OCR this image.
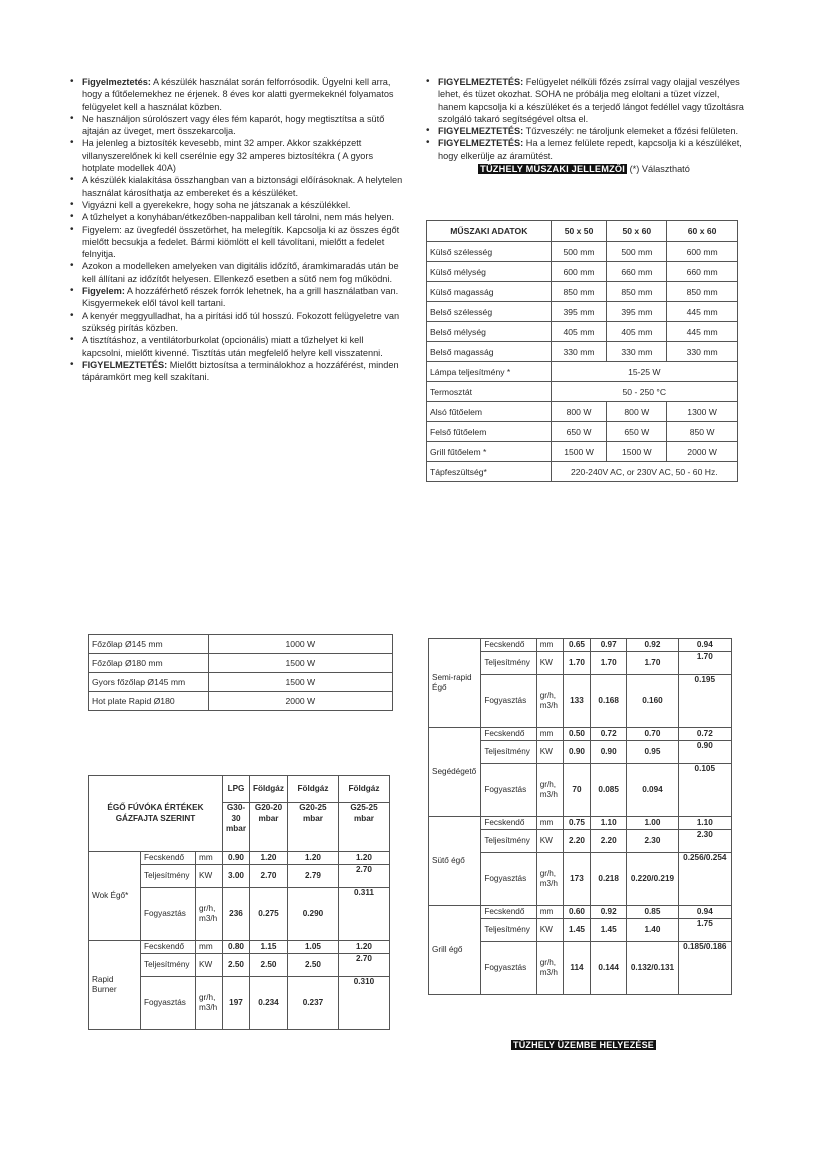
• Figyelmeztetés: A készülék használat során felforrósodik. Ügyelni kell arra, hogy a fűtőelemekhez ne érjenek. 8 éves kor alatti gyermekeknél folyamatos felügyelet kell a használat közben.
• Ne használjon súrolószert vagy éles fém kaparót, hogy megtisztítsa a sütő ajtaján az üveget, mert összekarcolja.
• Ha jelenleg a biztosíték kevesebb, mint 32 amper. Akkor szakképzett villanyszerelőnek ki kell cserélnie egy 32 amperes biztosítékra ( A gyors hotplate modellek 40A)
• A készülék kialakítása összhangban van a biztonsági előírásoknak. A helytelen használat károsíthatja az embereket és a készüléket.
• Vigyázni kell a gyerekekre, hogy soha ne játszanak a készülékkel.
• A tűzhelyet a konyhában/étkezőben-nappaliban kell tárolni, nem más helyen.
• Figyelem: az üvegfedél összetörhet, ha melegítik. Kapcsolja ki az összes égőt mielőtt becsukja a fedelet. Bármi kiömlött el kell távolítani, mielőtt a fedelet felnyitja.
• Azokon a modelleken amelyeken van digitális időzítő, áramkimaradás után be kell állítani az időzítőt helyesen. Ellenkező esetben a sütő nem fog működni.
• Figyelem: A hozzáférhető részek forrók lehetnek, ha a grill használatban van. Kisgyermekek elől távol kell tartani.
• A kenyér meggyulladhat, ha a pirítási idő túl hosszú. Fokozott felügyeletre van szükség pirítás közben.
• A tisztításhoz, a ventilátorburkolat (opcionális) miatt a tűzhelyet ki kell kapcsolni, mielőtt kivenné. Tisztítás után megfelelő helyre kell visszatenni.
• FIGYELMEZTETÉS: Mielőtt biztosítsa a terminálokhoz a hozzáférést, minden tápáramkört meg kell szakítani.
• FIGYELMEZTETÉS: Felügyelet nélküli főzés zsírral vagy olajjal veszélyes lehet, és tüzet okozhat. SOHA ne próbálja meg eloltani a tüzet vízzel, hanem kapcsolja ki a készüléket és a terjedő lángot fedéllel vagy tűzoltásra szolgáló takaró segítségével oltsa el.
• FIGYELMEZTETÉS: Tűzveszély: ne tároljunk elemeket a főzési felületen.
• FIGYELMEZTETÉS: Ha a lemez felülete repedt, kapcsolja ki a készüléket, hogy elkerülje az áramütést.
TŰZHELY MŰSZAKI JELLEMZŐI (*) Választható
MŰSZAKI ADATOK	50 x 50	50 x 60	60 x 60
Külső szélesség	500 mm	500 mm	600 mm
Külső mélység	600 mm	660 mm	660 mm
Külső magasság	850 mm	850 mm	850 mm
Belső szélesség	395 mm	395 mm	445 mm
Belső mélység	405 mm	405 mm	445 mm
Belső magasság	330 mm	330 mm	330 mm
Lámpa teljesítmény *	15-25 W		
Termosztát	50 - 250 °C		
Alsó fűtőelem	800 W	800 W	1300 W
Felső fűtőelem	650 W	650 W	850 W
Grill fűtőelem *	1500 W	1500 W	2000 W
Tápfeszültség*	220-240V AC, or 230V AC, 50 - 60 Hz.		
Főzőlap Ø145 mm	1000 W
Főzőlap Ø180 mm	1500 W
Gyors főzőlap Ø145 mm	1500 W
Hot plate Rapid Ø180	2000 W
ÉGŐ FÚVÓKA ÉRTÉKEK GÁZFAJTA SZERINT			LPG	Földgáz	Földgáz	Földgáz
			G30-30 mbar	G20-20 mbar	G20-25 mbar	G25-25 mbar
Wok Égő*	Fecskendő	mm	0.90	1.20	1.20	1.20
	Teljesítmény	KW	3.00	2.70	2.79	2.70
	Fogyasztás	gr/h, m3/h	236	0.275	0.290	0.311
Rapid Burner	Fecskendő	mm	0.80	1.15	1.05	1.20
	Teljesítmény	KW	2.50	2.50	2.50	2.70
	Fogyasztás	gr/h, m3/h	197	0.234	0.237	0.310
Semi-rapid Égő	Fecskendő	mm	0.65	0.97	0.92	0.94
	Teljesítmény	KW	1.70	1.70	1.70	1.70
	Fogyasztás	gr/h, m3/h	133	0.168	0.160	0.195
Segédégető	Fecskendő	mm	0.50	0.72	0.70	0.72
	Teljesítmény	KW	0.90	0.90	0.95	0.90
	Fogyasztás	gr/h, m3/h	70	0.085	0.094	0.105
Sütő égő	Fecskendő	mm	0.75	1.10	1.00	1.10
	Teljesítmény	KW	2.20	2.20	2.30	2.30
	Fogyasztás	gr/h, m3/h	173	0.218	0.220/0.219	0.256/0.254
Grill égő	Fecskendő	mm	0.60	0.92	0.85	0.94
	Teljesítmény	KW	1.45	1.45	1.40	1.75
	Fogyasztás	gr/h, m3/h	114	0.144	0.132/0.131	0.185/0.186
TŰZHELY ÜZEMBE HELYEZÉSE
